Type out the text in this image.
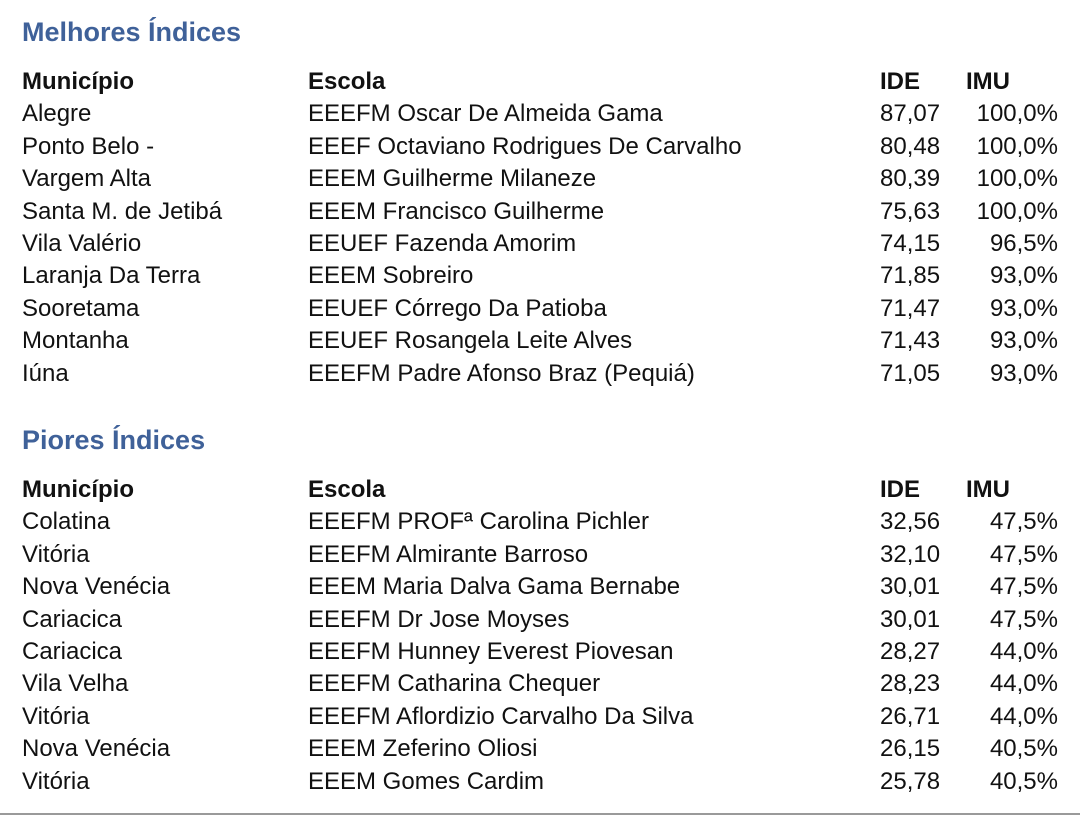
Melhores Índices
Município	Escola	IDE	IMU
Alegre	EEEFM Oscar De Almeida Gama	87,07	100,0%
Ponto Belo -	EEEF Octaviano Rodrigues De Carvalho	80,48	100,0%
Vargem Alta	EEEM Guilherme Milaneze	80,39	100,0%
Santa M. de Jetibá	EEEM Francisco Guilherme	75,63	100,0%
Vila Valério	EEUEF Fazenda Amorim	74,15	96,5%
Laranja Da Terra	EEEM Sobreiro	71,85	93,0%
Sooretama	EEUEF Córrego Da Patioba	71,47	93,0%
Montanha	EEUEF Rosangela Leite Alves	71,43	93,0%
Iúna	EEEFM Padre Afonso Braz (Pequiá)	71,05	93,0%
Piores Índices
Município	Escola	IDE	IMU
Colatina	EEEFM PROFª Carolina Pichler	32,56	47,5%
Vitória	EEEFM Almirante Barroso	32,10	47,5%
Nova Venécia	EEEM Maria Dalva Gama Bernabe	30,01	47,5%
Cariacica	EEEFM Dr Jose Moyses	30,01	47,5%
Cariacica	EEEFM Hunney Everest Piovesan	28,27	44,0%
Vila Velha	EEEFM Catharina Chequer	28,23	44,0%
Vitória	EEEFM Aflordizio Carvalho Da Silva	26,71	44,0%
Nova Venécia	EEEM Zeferino Oliosi	26,15	40,5%
Vitória	EEEM Gomes Cardim	25,78	40,5%
